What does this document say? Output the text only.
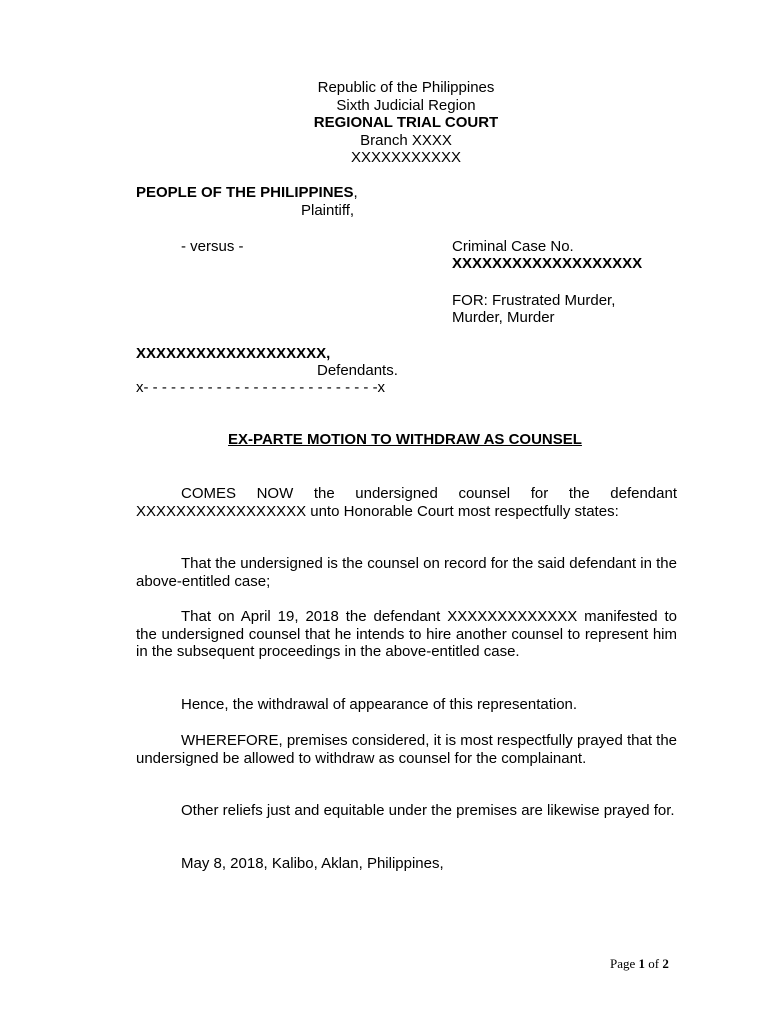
Republic of the Philippines
Sixth Judicial Region
REGIONAL TRIAL COURT
Branch XXXX
XXXXXXXXXXX
PEOPLE OF THE PHILIPPINES,
Plaintiff,
- versus -	Criminal Case No.
XXXXXXXXXXXXXXXXXXX
FOR: Frustrated Murder,
Murder, Murder
XXXXXXXXXXXXXXXXXXX,
Defendants.
x- - - - - - - - - - - - - - - - - - - - - - - - - -x
EX-PARTE MOTION TO WITHDRAW AS COUNSEL
COMES NOW the undersigned counsel for the defendant XXXXXXXXXXXXXXXXX unto Honorable Court most respectfully states:
That the undersigned is the counsel on record for the said defendant in the above-entitled case;
That on April 19, 2018 the defendant XXXXXXXXXXXXX manifested to the undersigned counsel that he intends to hire another counsel to represent him in the subsequent proceedings in the above-entitled case.
Hence, the withdrawal of appearance of this representation.
WHEREFORE, premises considered, it is most respectfully prayed that the undersigned be allowed to withdraw as counsel for the complainant.
Other reliefs just and equitable under the premises are likewise prayed for.
May 8, 2018, Kalibo, Aklan, Philippines,
Page 1 of 2
